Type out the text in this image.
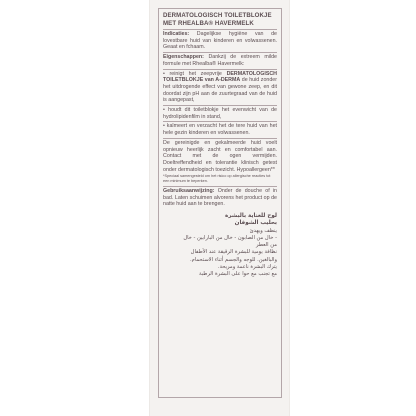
DERMATOLOGISCH TOILETBLOKJE
MET RHEALBA® HAVERMELK
Indicaties: Dagelijkse hygiëne van de lovestbare huid van kinderen en volwassenen. Geaat en fchaam.
Eigenschappen: Dankzij de extreem milde formule met Rhealba® Havermelk:
• reinigt het zeepvrije DERMATOLOGISCH TOILETBLOKJE van A-DERMA de huid zonder het uitdrogende effect van gewone zeep, en dit doordat zijn pH aan de zuurtegraad van de huid is aangepast,
• houdt dit toiletblokje het evenwicht van de hydrolipidenfilm in stand,
• kalmeert en verzacht het de tere huid van het hele gezin kinderen en volwassenen.
De gereinigde en gekalmeerde huid voelt opnieuw heerlijk zacht en comfortabel aan. Contact met de ogen vermijden. Doeltreffendheid en tolerantie klinisch getest onder dermatologisch toezicht. Hypoallergeen**
*Speciaal samengesteld om het risico op allergische reacties tot een minimum te beperken.
Gebruiksaanwijzing: Onder de douche of in bad. Laten schuimen alvorens het product op de natte huid aan te brengen.
لوح للعناية بالبشرة
بحليب الشوفان
ينظف ويهدئ
- خال من الصابون - خال من البارابين - خال
من العطر
نظافة يومية للبشرة الرقيقة عند الأطفال
والبالغين. للوجه والجسم أثناء الاستحمام.
يترك البشرة ناعمة ومريحة.
مع تجنب مع حوا على البشرة الرطبة
